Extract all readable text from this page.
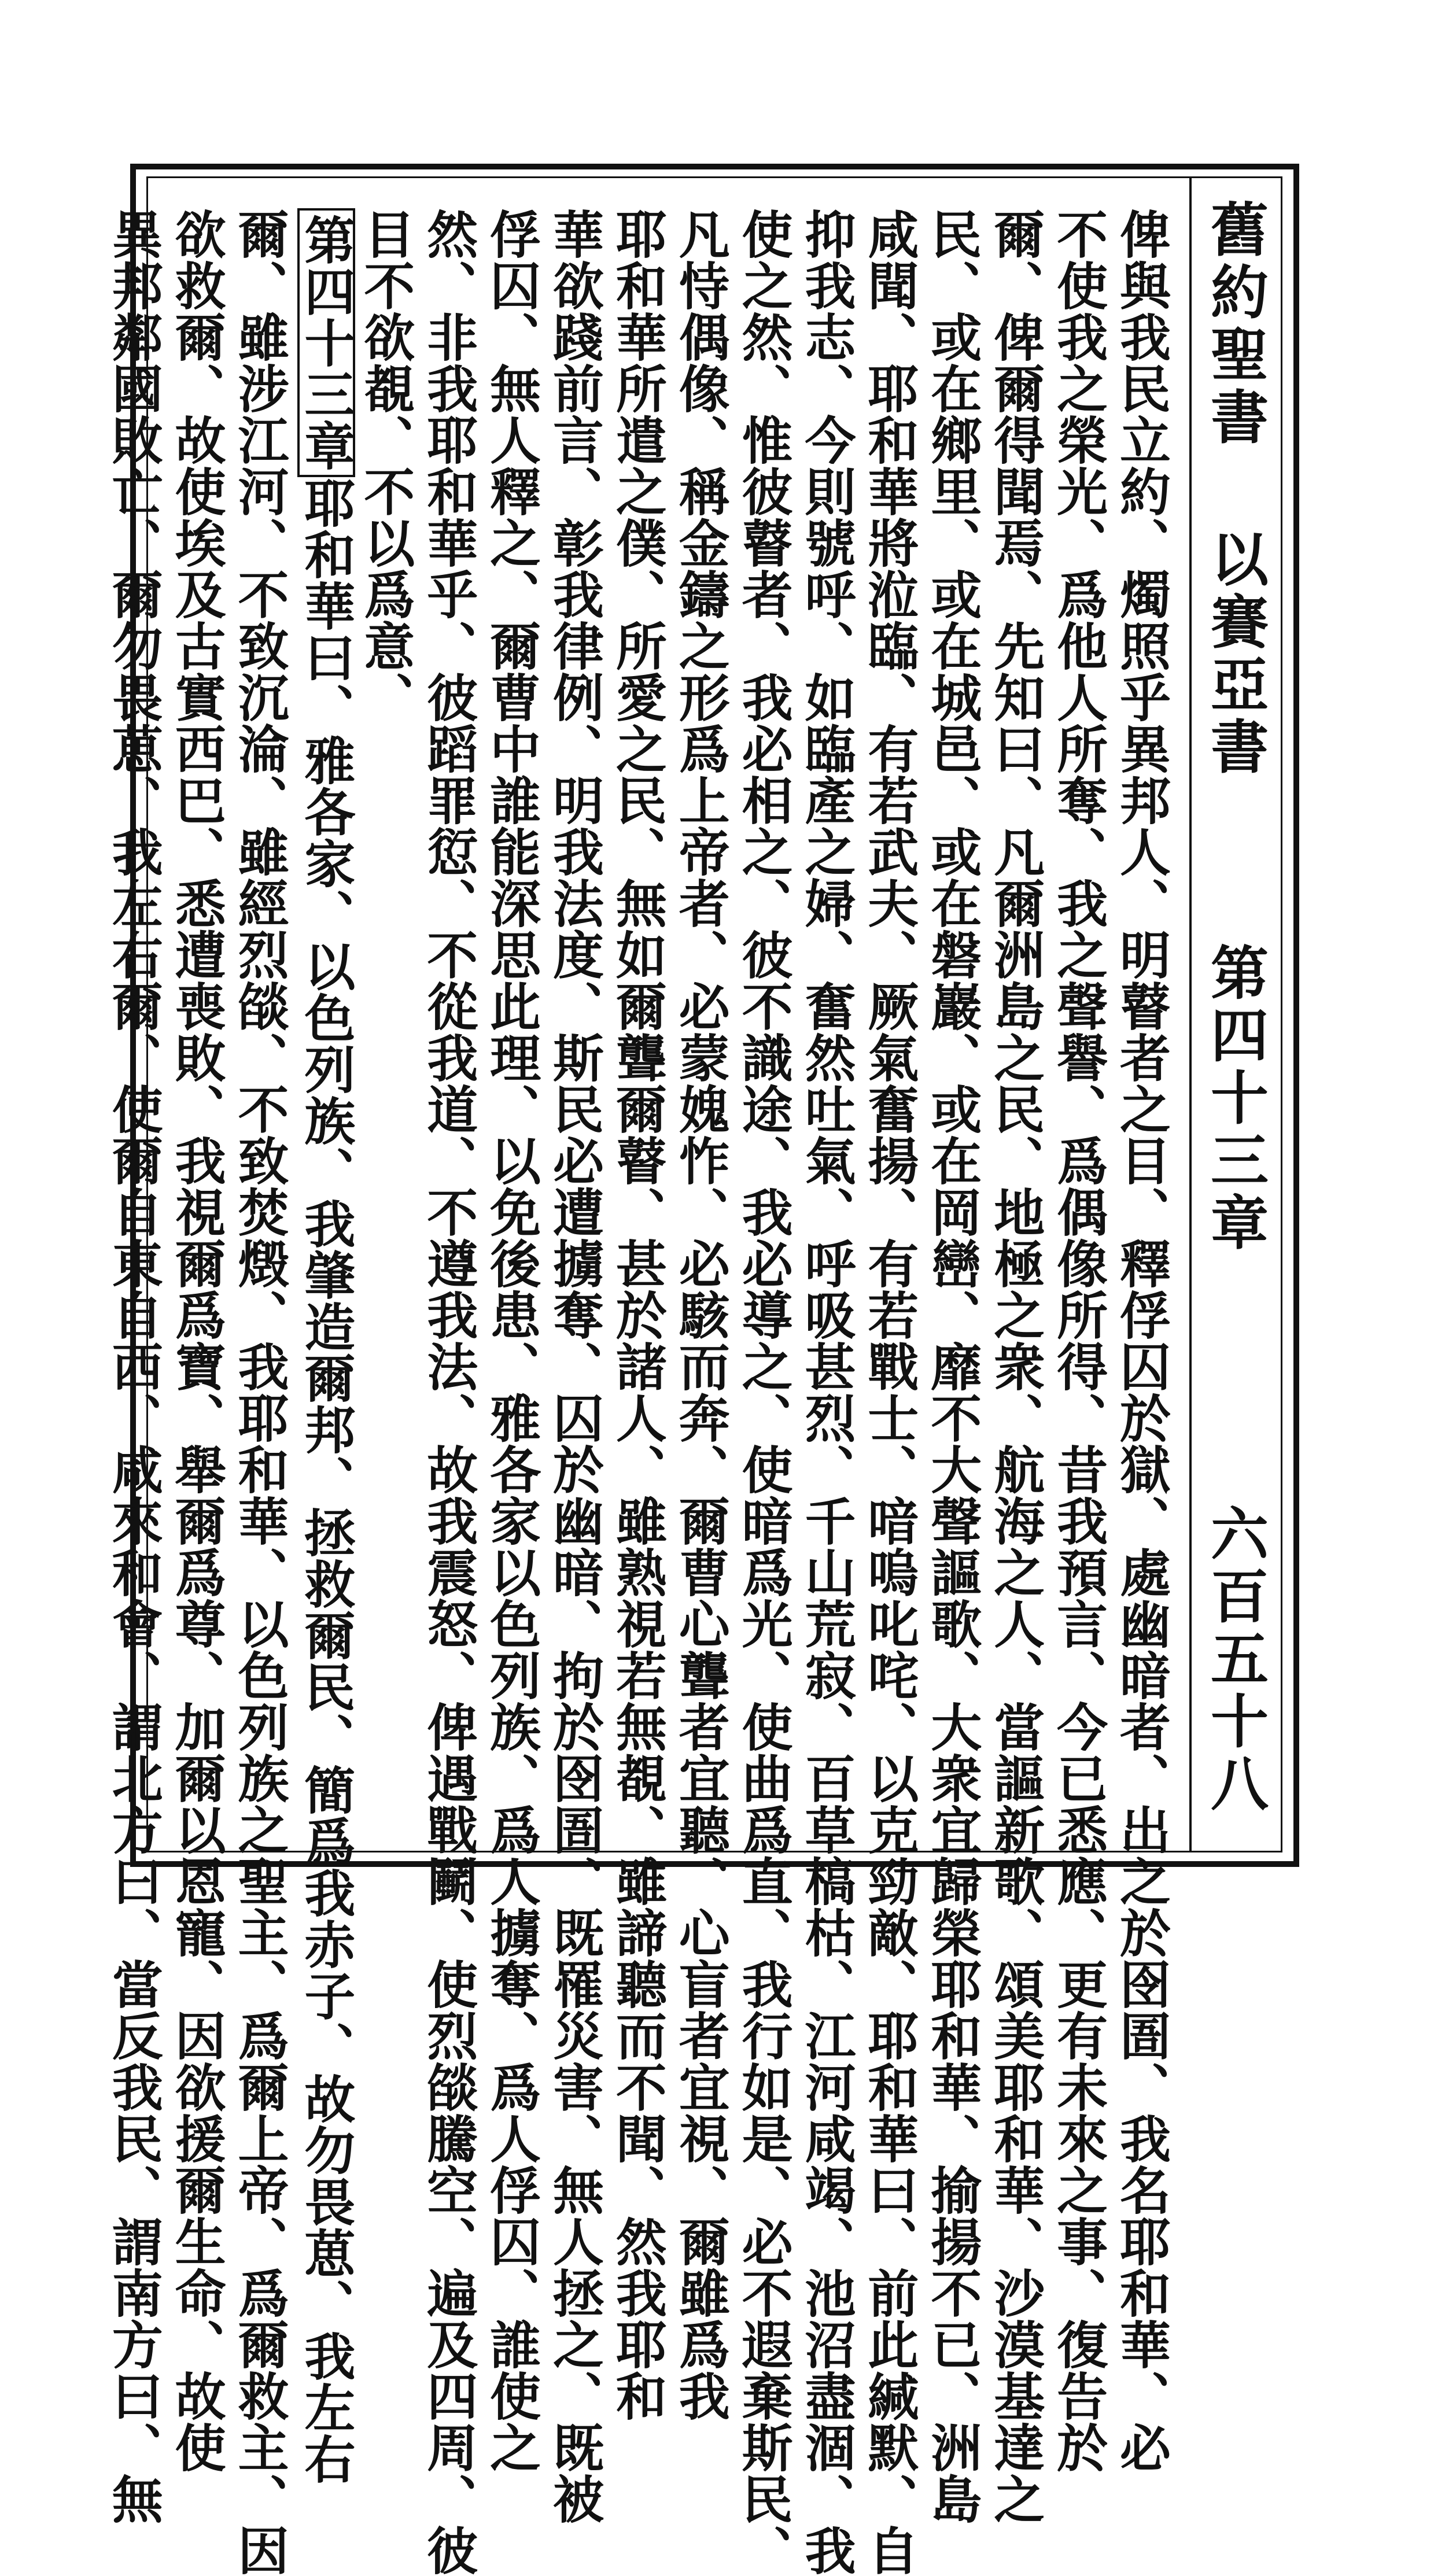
舊約聖書
以賽亞書
第四十三章
六百五十八
俾與我民立約、燭照乎異邦人、明瞽者之目、釋俘囚於獄、處幽暗者、出之於囹圄、我名耶和華、必
不使我之榮光、爲他人所奪、我之聲譽、爲偶像所得、昔我預言、今已悉應、更有未來之事、復告於
爾、俾爾得聞焉、先知曰、凡爾洲島之民、地極之衆、航海之人、當謳新歌、頌美耶和華、沙漠基達之
民、或在鄉里、或在城邑、或在磐巖、或在岡巒、靡不大聲謳歌、大衆宜歸榮耶和華、揄揚不已、洲島
咸聞、耶和華將涖臨、有若武夫、厥氣奮揚、有若戰士、喑嗚叱咤、以克勁敵、耶和華曰、前此緘默、自
抑我志、今則號呼、如臨產之婦、奮然吐氣、呼吸甚烈、千山荒寂、百草槁枯、江河咸竭、池沼盡涸、我
使之然、惟彼瞽者、我必相之、彼不識途、我必導之、使暗爲光、使曲爲直、我行如是、必不遐棄斯民、
凡恃偶像、稱金鑄之形爲上帝者、必蒙媿怍、必駭而奔、爾曹心聾者宜聽、心盲者宜視、爾雖爲我
耶和華所遣之僕、所愛之民、無如爾聾爾瞽、甚於諸人、雖熟視若無覩、雖諦聽而不聞、然我耶和
華欲踐前言、彰我律例、明我法度、斯民必遭擄奪、囚於幽暗、拘於囹圄、既罹災害、無人拯之、既被
俘囚、無人釋之、爾曹中誰能深思此理、以免後患、雅各家以色列族、爲人擄奪、爲人俘囚、誰使之
然、非我耶和華乎、彼蹈罪愆、不從我道、不遵我法、故我震怒、俾遇戰鬭、使烈燄騰空、遍及四周、彼
目不欲覩、不以爲意、
第四十三章耶和華曰、雅各家、以色列族、我肇造爾邦、拯救爾民、簡爲我赤子、故勿畏葸、我左右
爾、雖涉江河、不致沉淪、雖經烈燄、不致焚燬、我耶和華、以色列族之聖主、爲爾上帝、爲爾救主、因
欲救爾、故使埃及古實西巴、悉遭喪敗、我視爾爲寶、舉爾爲尊、加爾以恩寵、因欲援爾生命、故使
異邦鄰國敗亡、爾勿畏葸、我左右爾、使爾自東自西、咸來和會、謂北方曰、當反我民、謂南方曰、無
